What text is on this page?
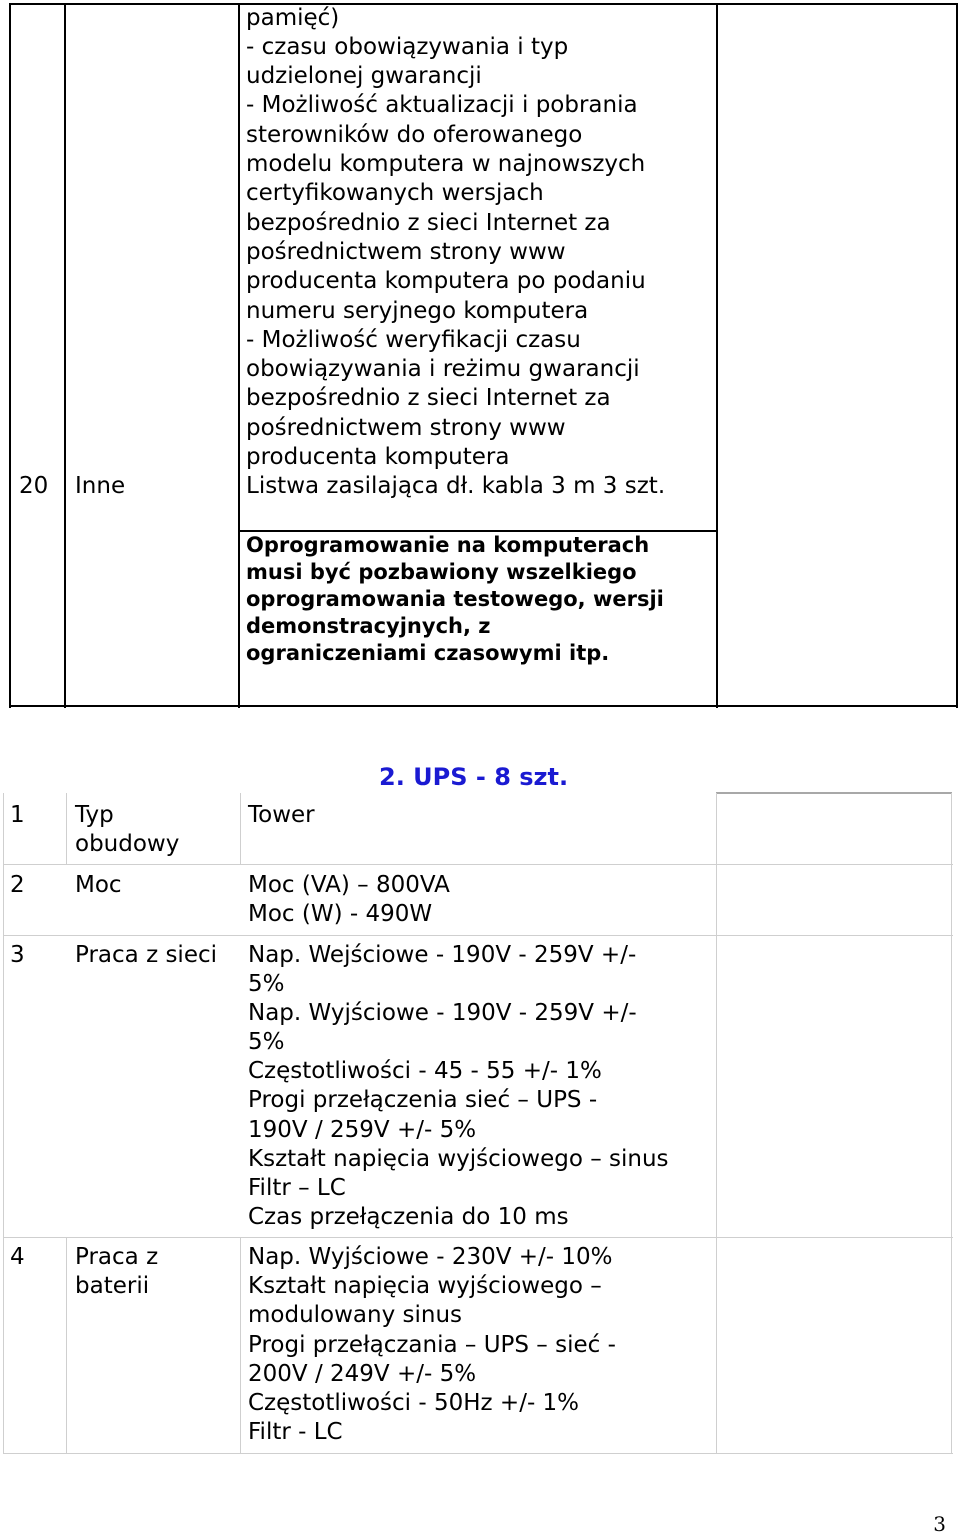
pamięć)
- czasu obowiązywania i typ
udzielonej gwarancji
- Możliwość aktualizacji i pobrania
sterowników do oferowanego
modelu komputera w najnowszych
certyfikowanych wersjach
bezpośrednio z sieci Internet za
pośrednictwem strony www
producenta komputera po podaniu
numeru seryjnego komputera
- Możliwość weryfikacji czasu
obowiązywania i reżimu gwarancji
bezpośrednio z sieci Internet za
pośrednictwem strony www
producenta komputera
20 Inne	Listwa zasilająca dł. kabla 3 m 3 szt.
Oprogramowanie na komputerach
musi być pozbawiony wszelkiego
oprogramowania testowego, wersji
demonstracyjnych, z
ograniczeniami czasowymi itp.
2. UPS - 8 szt.
1 Typ
obudowy
Tower
2 Moc	Moc (VA) – 800VA
Moc (W) - 490W
3 Praca z sieci Nap. Wejściowe - 190V - 259V +/-
5%
Nap. Wyjściowe - 190V - 259V +/-
5%
Częstotliwości - 45 - 55 +/- 1%
Progi przełączenia sieć – UPS -
190V / 259V +/- 5%
Kształt napięcia wyjściowego – sinus
Filtr – LC
Czas przełączenia do 10 ms
4 Praca z
baterii
Nap. Wyjściowe - 230V +/- 10%
Kształt napięcia wyjściowego –
modulowany sinus
Progi przełączania – UPS – sieć -
200V / 249V +/- 5%
Częstotliwości - 50Hz +/- 1%
Filtr - LC
3
